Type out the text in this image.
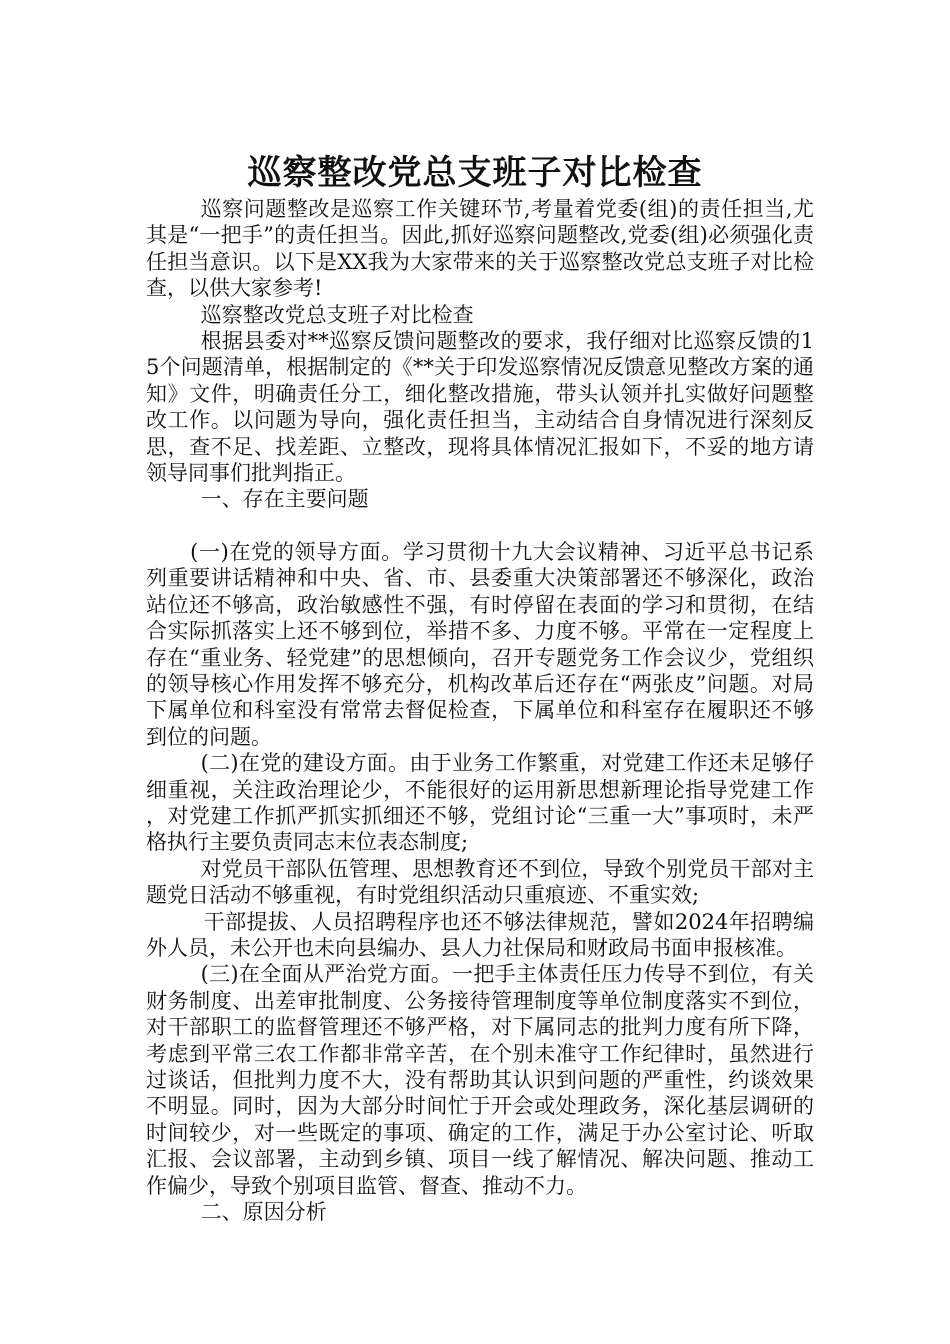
巡察整改党总支班子对比检查

巡察问题整改是巡察工作关键环节,考量着党委(组)的责任担当,尤其是“一把手”的责任担当。因此,抓好巡察问题整改,党委(组)必须强化责任担当意识。以下是XX我为大家带来的关于巡察整改党总支班子对比检查，以供大家参考!

巡察整改党总支班子对比检查

根据县委对**巡察反馈问题整改的要求，我仔细对比巡察反馈的15个问题清单，根据制定的《**关于印发巡察情况反馈意见整改方案的通知》文件，明确责任分工，细化整改措施，带头认领并扎实做好问题整改工作。以问题为导向，强化责任担当，主动结合自身情况进行深刻反思，查不足、找差距、立整改，现将具体情况汇报如下，不妥的地方请领导同事们批判指正。

一、存在主要问题

(一)在党的领导方面。学习贯彻十九大会议精神、习近平总书记系列重要讲话精神和中央、省、市、县委重大决策部署还不够深化，政治站位还不够高，政治敏感性不强，有时停留在表面的学习和贯彻，在结合实际抓落实上还不够到位，举措不多、力度不够。平常在一定程度上存在“重业务、轻党建”的思想倾向，召开专题党务工作会议少，党组织的领导核心作用发挥不够充分，机构改革后还存在“两张皮”问题。对局下属单位和科室没有常常去督促检查，下属单位和科室存在履职还不够到位的问题。

(二)在党的建设方面。由于业务工作繁重，对党建工作还未足够仔细重视，关注政治理论少，不能很好的运用新思想新理论指导党建工作，对党建工作抓严抓实抓细还不够，党组讨论“三重一大”事项时，未严格执行主要负责同志末位表态制度;

对党员干部队伍管理、思想教育还不到位，导致个别党员干部对主题党日活动不够重视，有时党组织活动只重痕迹、不重实效;

干部提拔、人员招聘程序也还不够法律规范，譬如2024年招聘编外人员，未公开也未向县编办、县人力社保局和财政局书面申报核准。

(三)在全面从严治党方面。一把手主体责任压力传导不到位，有关财务制度、出差审批制度、公务接待管理制度等单位制度落实不到位，对干部职工的监督管理还不够严格，对下属同志的批判力度有所下降，考虑到平常三农工作都非常辛苦，在个别未准守工作纪律时，虽然进行过谈话，但批判力度不大，没有帮助其认识到问题的严重性，约谈效果不明显。同时，因为大部分时间忙于开会或处理政务，深化基层调研的时间较少，对一些既定的事项、确定的工作，满足于办公室讨论、听取汇报、会议部署，主动到乡镇、项目一线了解情况、解决问题、推动工作偏少，导致个别项目监管、督查、推动不力。

二、原因分析
